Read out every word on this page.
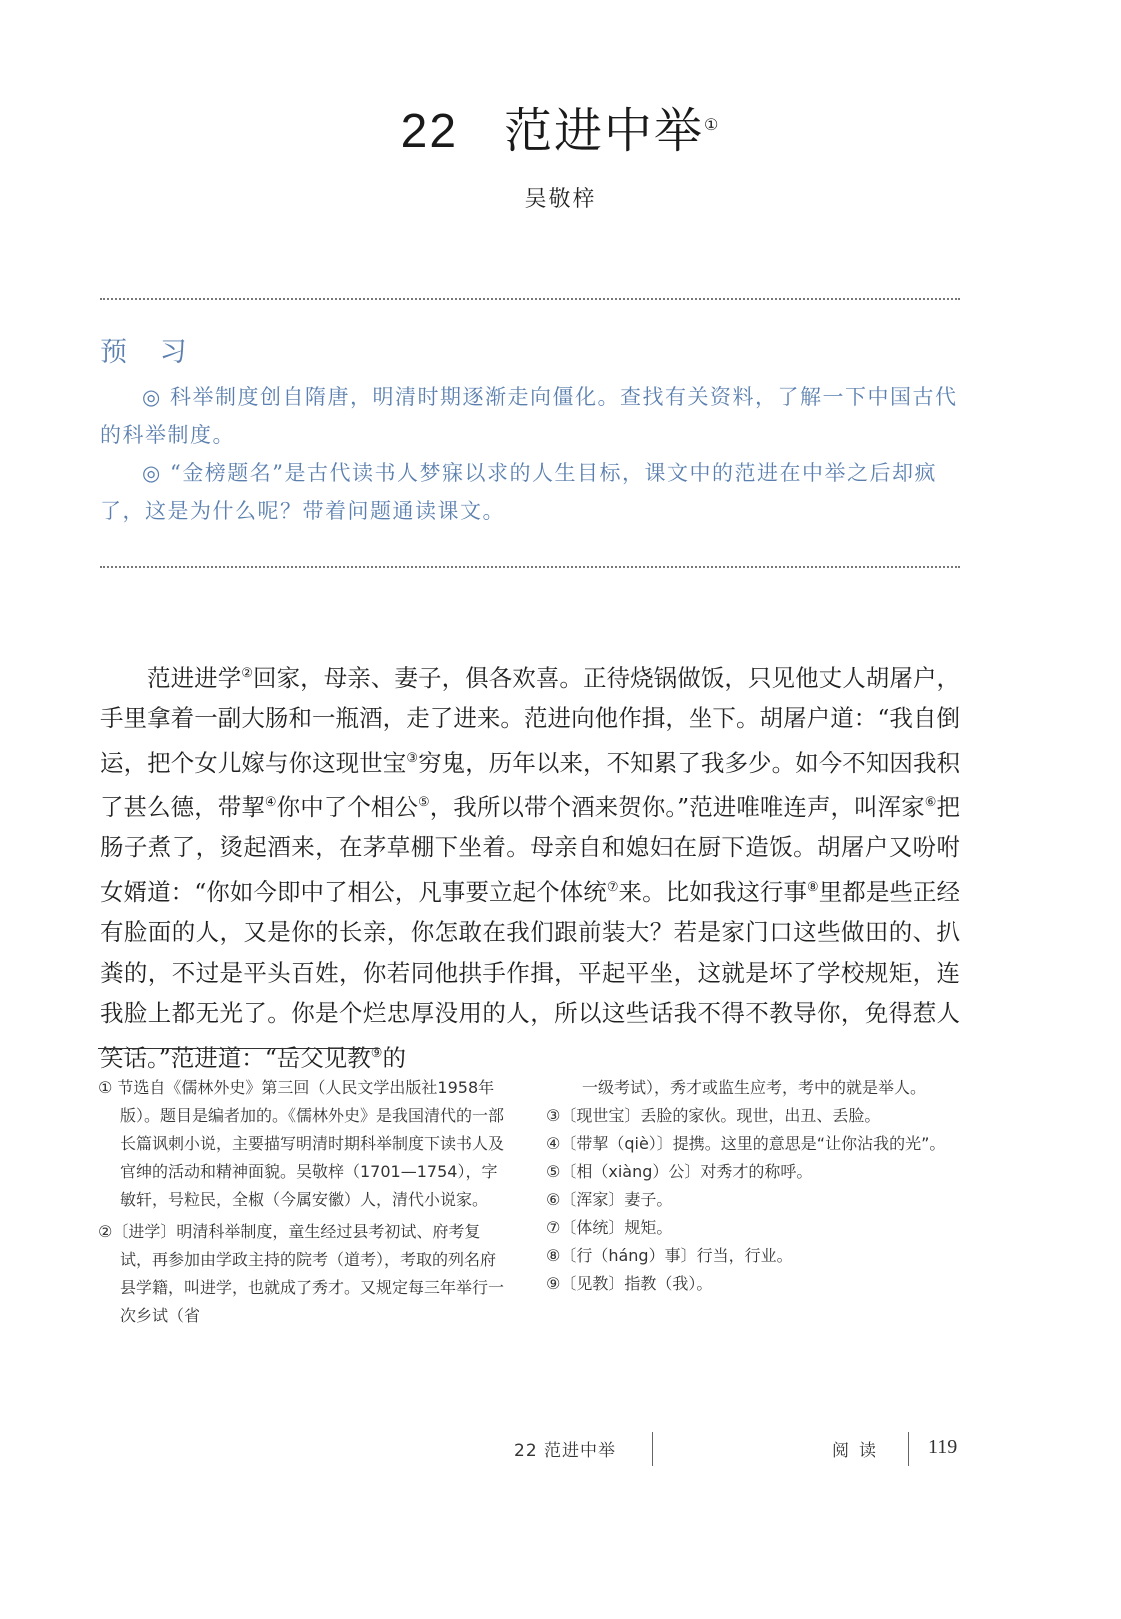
22 范进中举①
吴敬梓
预 习
◎ 科举制度创自隋唐，明清时期逐渐走向僵化。查找有关资料，了解一下中国古代的科举制度。
◎ “金榜题名”是古代读书人梦寐以求的人生目标，课文中的范进在中举之后却疯了，这是为什么呢？带着问题通读课文。

范进进学②回家，母亲、妻子，俱各欢喜。正待烧锅做饭，只见他丈人胡屠户，手里拿着一副大肠和一瓶酒，走了进来。范进向他作揖，坐下。胡屠户道：“我自倒运，把个女儿嫁与你这现世宝③穷鬼，历年以来，不知累了我多少。如今不知因我积了甚么德，带挈④你中了个相公⑤，我所以带个酒来贺你。”范进唯唯连声，叫浑家⑥把肠子煮了，烫起酒来，在茅草棚下坐着。母亲自和媳妇在厨下造饭。胡屠户又吩咐女婿道：“你如今即中了相公，凡事要立起个体统⑦来。比如我这行事⑧里都是些正经有脸面的人，又是你的长亲，你怎敢在我们跟前装大？若是家门口这些做田的、扒粪的，不过是平头百姓，你若同他拱手作揖，平起平坐，这就是坏了学校规矩，连我脸上都无光了。你是个烂忠厚没用的人，所以这些话我不得不教导你，免得惹人笑话。”范进道：“岳父见教⑨的

① 节选自《儒林外史》第三回（人民文学出版社1958年版）。题目是编者加的。《儒林外史》是我国清代的一部长篇讽刺小说，主要描写明清时期科举制度下读书人及官绅的活动和精神面貌。吴敬梓（1701—1754），字敏轩，号粒民，全椒（今属安徽）人，清代小说家。

②〔进学〕明清科举制度，童生经过县考初试、府考复试，再参加由学政主持的院考（道考），考取的列名府县学籍，叫进学，也就成了秀才。又规定每三年举行一次乡试（省

一级考试），秀才或监生应考，考中的就是举人。

③〔现世宝〕丢脸的家伙。现世，出丑、丢脸。

④〔带挈（qiè）〕提携。这里的意思是“让你沾我的光”。

⑤〔相（xiàng）公〕对秀才的称呼。

⑥〔浑家〕妻子。

⑦〔体统〕规矩。

⑧〔行（háng）事〕行当，行业。

⑨〔见教〕指教（我）。

22 范进中举	阅读 119
